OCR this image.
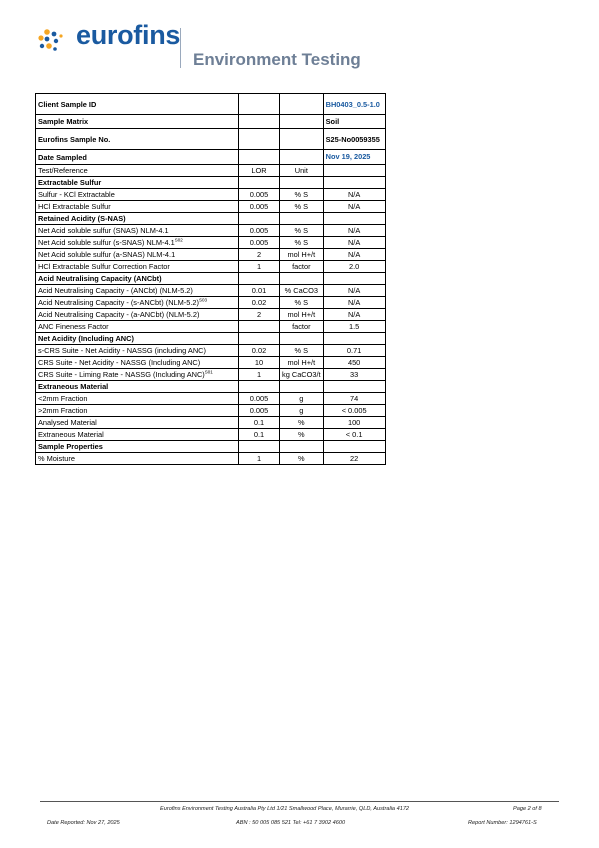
eurofins
Environment Testing
Client Sample ID			BH0403_0.5-1.0
Sample Matrix			Soil
Eurofins Sample No.			S25-No0059355
Date Sampled			Nov 19, 2025
Test/Reference	LOR	Unit	
Extractable Sulfur			
Sulfur - KCl Extractable	0.005	% S	N/A
HCl Extractable Sulfur	0.005	% S	N/A
Retained Acidity (S-NAS)			
Net Acid soluble sulfur (SNAS) NLM-4.1	0.005	% S	N/A
Net Acid soluble sulfur (s-SNAS) NLM-$4.1^{S02}$	0.005	% S	N/A
Net Acid soluble sulfur (a-SNAS) NLM-4.1	2	mol H+/t	N/A
HCl Extractable Sulfur Correction Factor	1	factor	2.0
Acid Neutralising Capacity (ANCbt)			
Acid Neutralising Capacity - (ANCbt) (NLM-5.2)	0.01	% CaCO3	N/A
Acid Neutralising Capacity - (s-ANCbt) $(NLM-5.2)^{S03}$	0.02	% S	N/A
Acid Neutralising Capacity - (a-ANCbt) (NLM-5.2)	2	mol H+/t	N/A
ANC Fineness Factor		factor	1.5
Net Acidity (Including ANC)			
s-CRS Suite - Net Acidity - NASSG (including ANC)	0.02	% S	0.71
CRS Suite - Net Acidity - NASSG (Including ANC)	10	mol H+/t	450
CRS Suite - Liming Rate - NASSG (Including ANC)$^{S01}$	1	kg CaCO3/t	33
Extraneous Material			
<2mm Fraction	0.005	g	74
>2mm Fraction	0.005	g	< 0.005
Analysed Material	0.1	%	100
Extraneous Material	0.1	%	< 0.1
Sample Properties			
% Moisture	1	%	22
Eurofins Environment Testing Australia Pty Ltd 1/21 Smallwood Place, Murarrie, QLD, Australia 4172	Page 2 of 8
Date Reported: Nov 27, 2025	ABN : 50 005 085 521 Tel: +61 7 3902 4600	Report Number: 1294761-S
